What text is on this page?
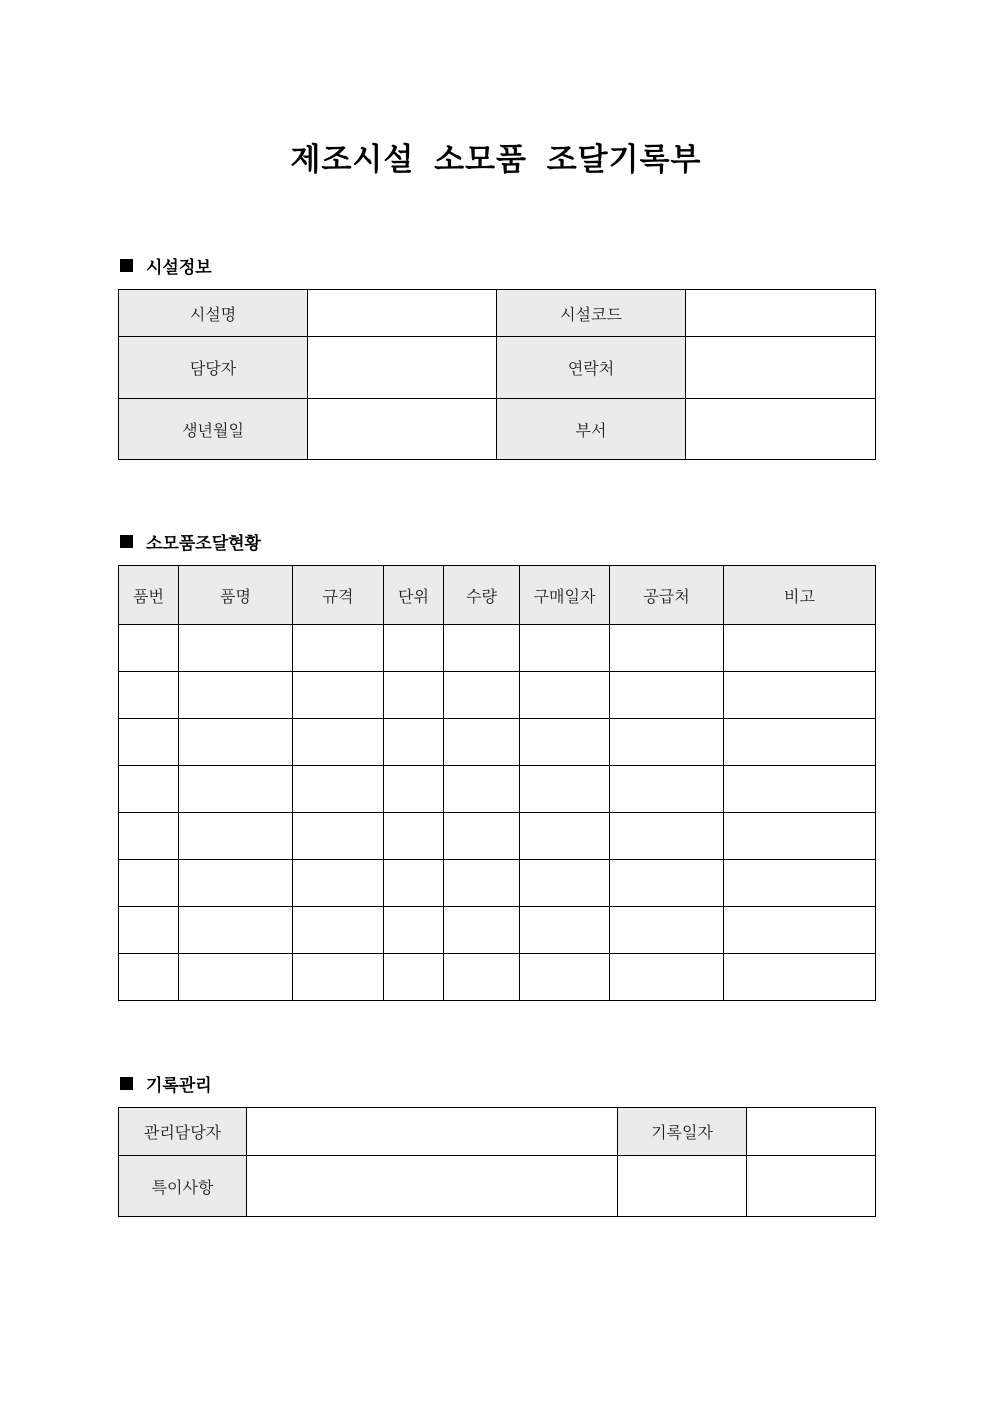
제조시설 소모품 조달기록부
시설정보
시설명		시설코드	
담당자		연락처	
생년월일		부서	
소모품조달현황
품번	품명	규격	단위	수량	구매일자	공급처	비고

기록관리
관리담당자		기록일자	
특이사항			
